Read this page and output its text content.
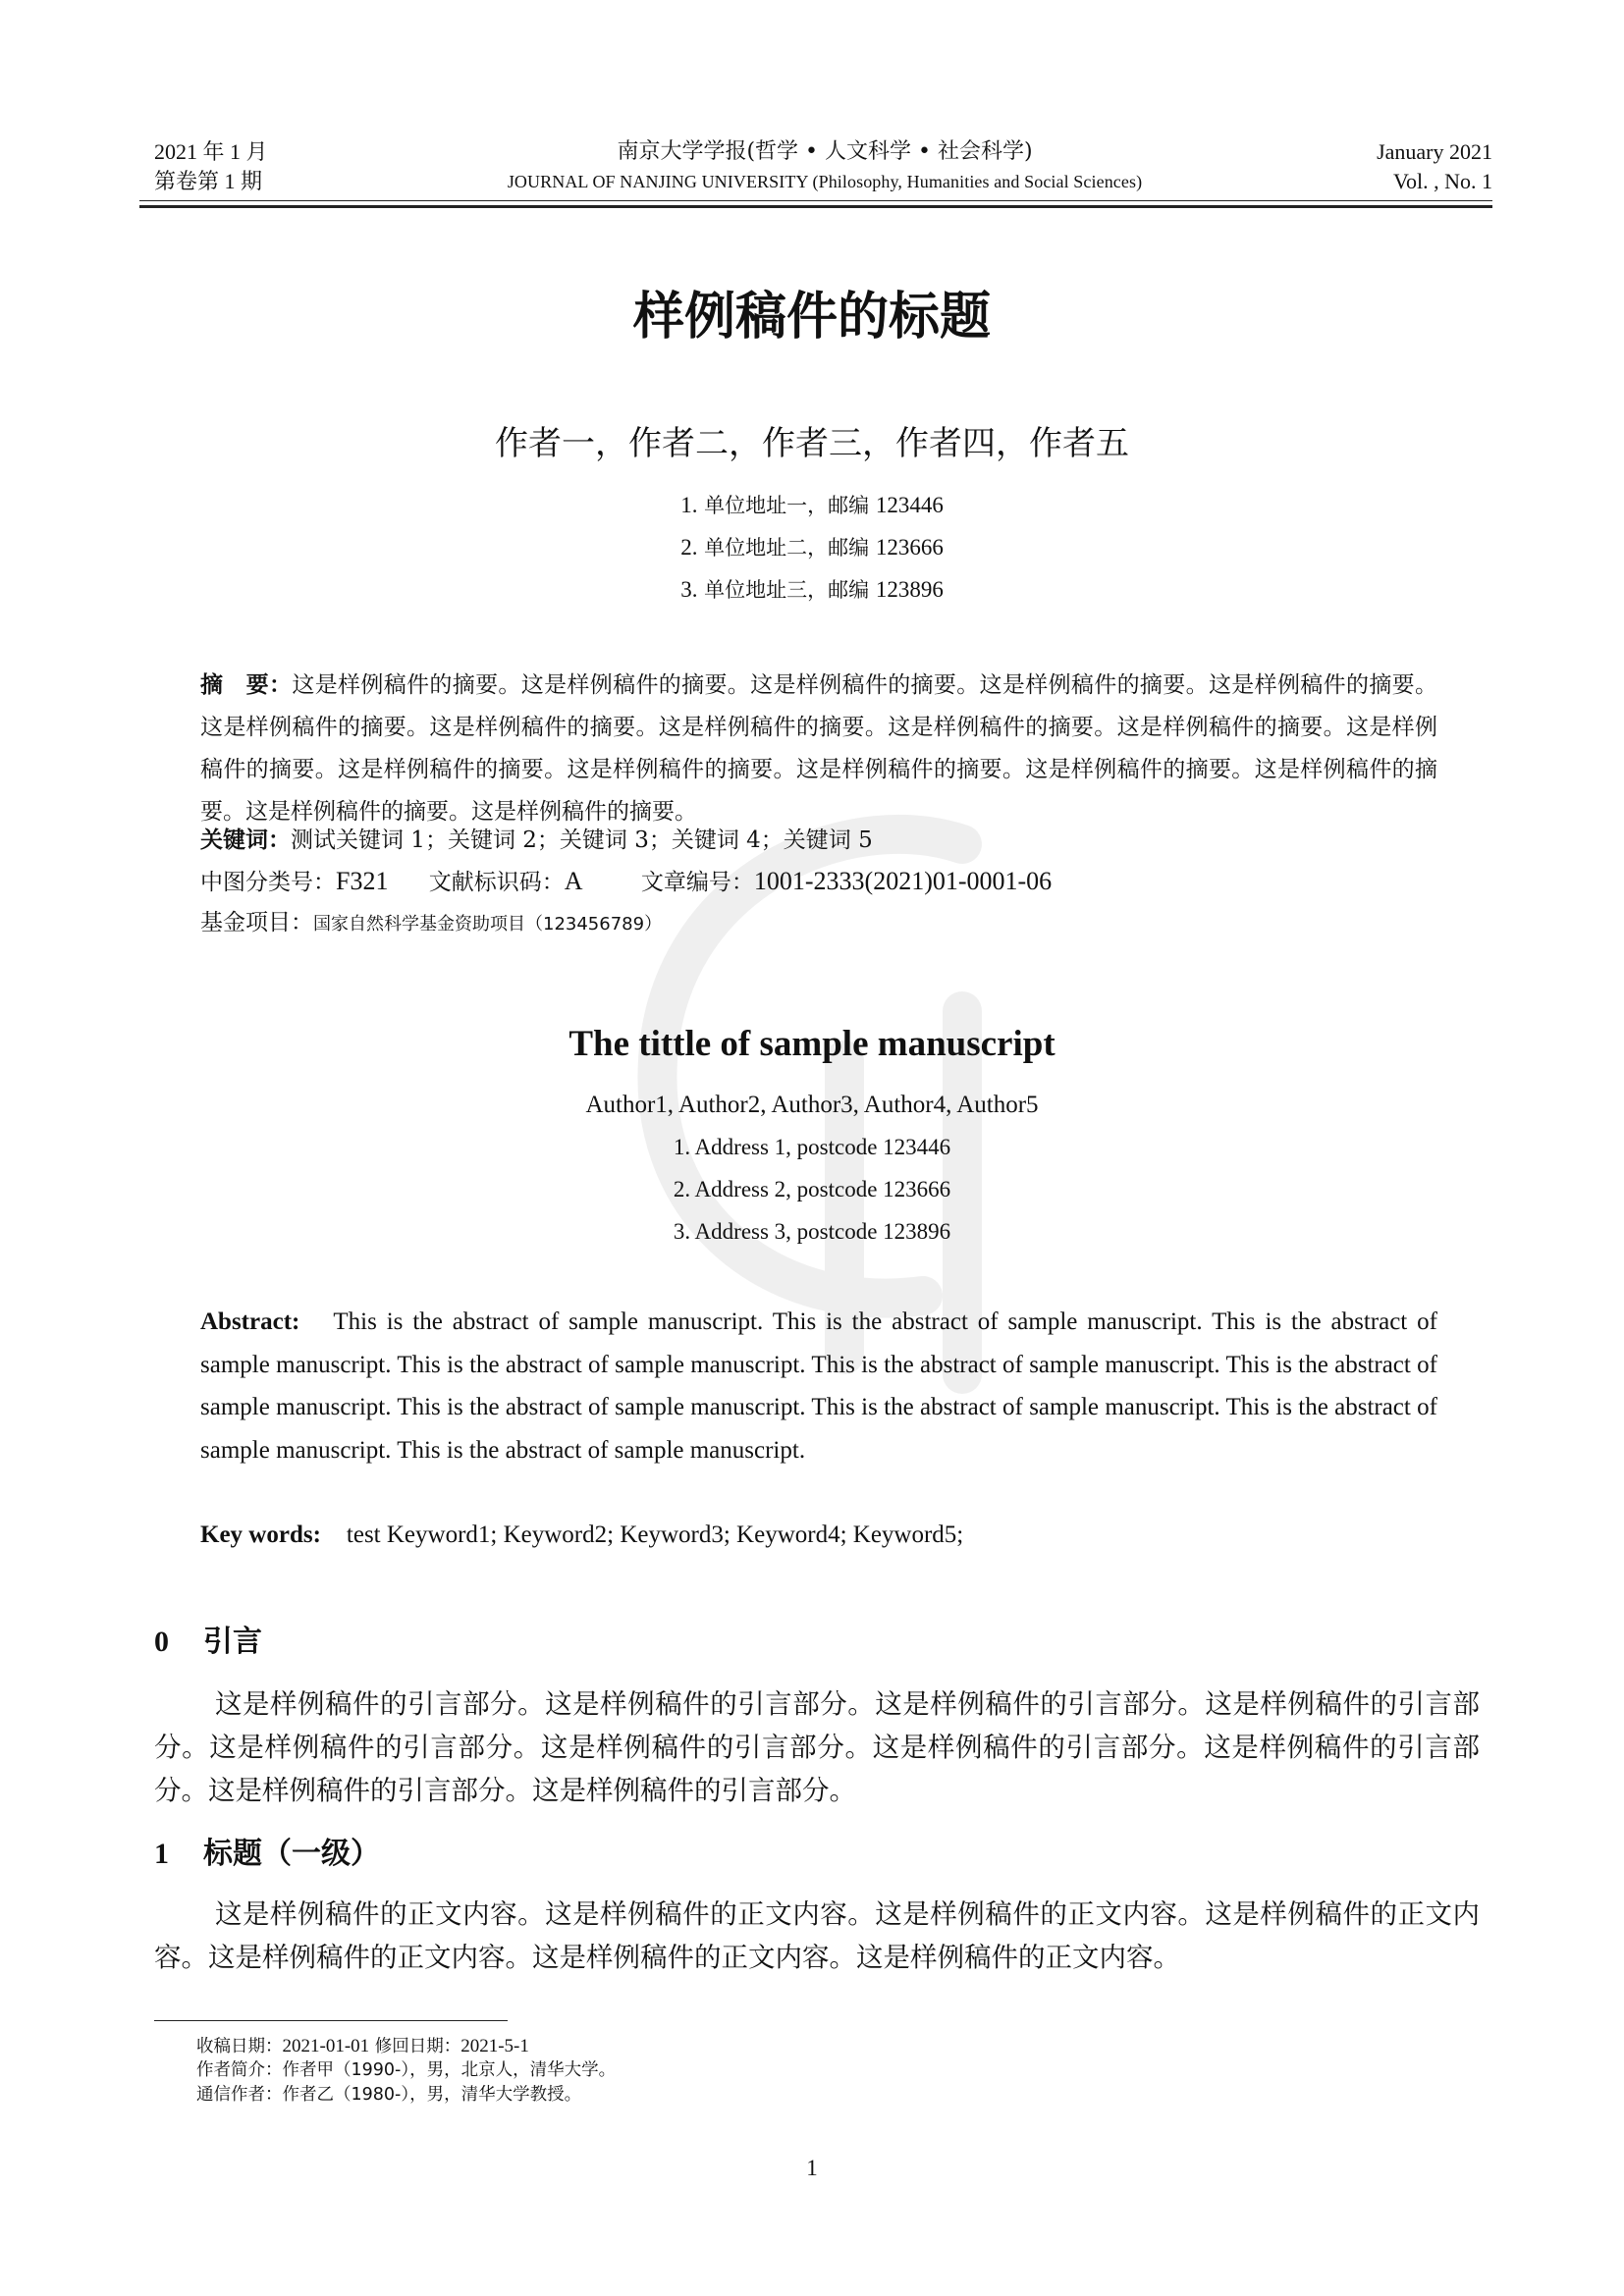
2021 年 1 月
第卷第 1 期
南京大学学报(哲学 • 人文科学 • 社会科学)
JOURNAL OF NANJING UNIVERSITY (Philosophy, Humanities and Social Sciences)
January 2021
Vol. , No. 1
样例稿件的标题
作者一，作者二，作者三，作者四，作者五
1. 单位地址一，邮编 123446
2. 单位地址二，邮编 123666
3. 单位地址三，邮编 123896
摘　要：这是样例稿件的摘要。这是样例稿件的摘要。这是样例稿件的摘要。这是样例稿件的摘要。这是样例稿件的摘要。这是样例稿件的摘要。这是样例稿件的摘要。这是样例稿件的摘要。这是样例稿件的摘要。这是样例稿件的摘要。这是样例稿件的摘要。这是样例稿件的摘要。这是样例稿件的摘要。这是样例稿件的摘要。这是样例稿件的摘要。这是样例稿件的摘要。这是样例稿件的摘要。这是样例稿件的摘要。
关键词：测试关键词 1；关键词 2；关键词 3；关键词 4；关键词 5
中图分类号：F321 文献标识码：A	文章编号：1001-2333(2021)01-0001-06
基金项目：国家自然科学基金资助项目（123456789）
The tittle of sample manuscript
Author1, Author2, Author3, Author4, Author5
1. Address 1, postcode 123446
2. Address 2, postcode 123666
3. Address 3, postcode 123896
Abstract: This is the abstract of sample manuscript. This is the abstract of sample manuscript. This is the abstract of sample manuscript. This is the abstract of sample manuscript. This is the abstract of sample manuscript. This is the abstract of sample manuscript. This is the abstract of sample manuscript. This is the abstract of sample manuscript. This is the abstract of sample manuscript. This is the abstract of sample manuscript.
Key words: test Keyword1; Keyword2; Keyword3; Keyword4; Keyword5;
0 引言
这是样例稿件的引言部分。这是样例稿件的引言部分。这是样例稿件的引言部分。这是样例稿件的引言部分。这是样例稿件的引言部分。这是样例稿件的引言部分。这是样例稿件的引言部分。这是样例稿件的引言部分。这是样例稿件的引言部分。这是样例稿件的引言部分。
1 标题（一级）
这是样例稿件的正文内容。这是样例稿件的正文内容。这是样例稿件的正文内容。这是样例稿件的正文内容。这是样例稿件的正文内容。这是样例稿件的正文内容。这是样例稿件的正文内容。
收稿日期：2021-01-01 修回日期：2021-5-1
作者简介：作者甲（1990-），男，北京人，清华大学。
通信作者：作者乙（1980-），男，清华大学教授。
1
